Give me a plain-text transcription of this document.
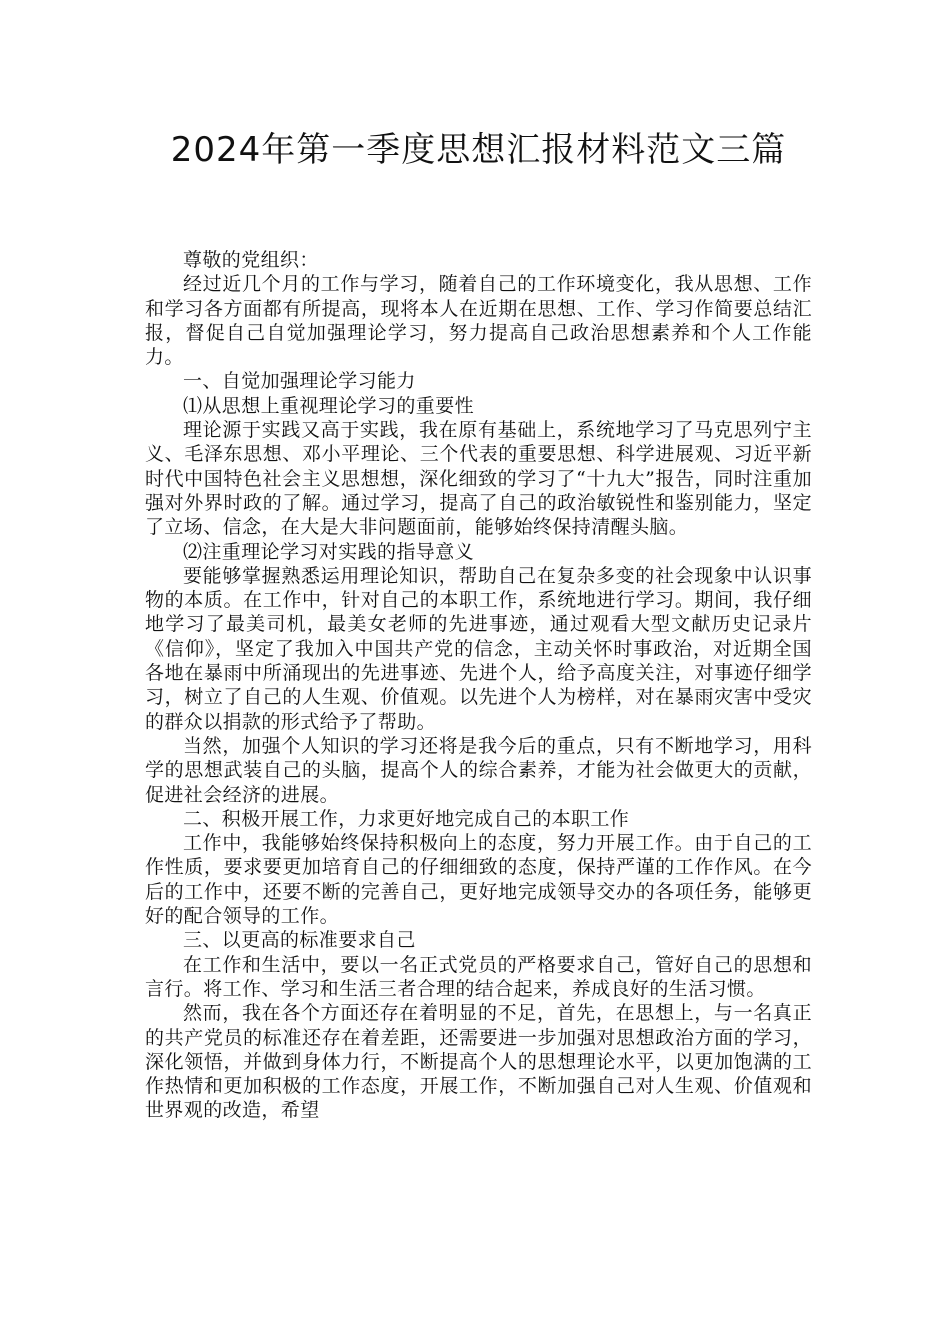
2024年第一季度思想汇报材料范文三篇

尊敬的党组织：

经过近几个月的工作与学习，随着自己的工作环境变化，我从思想、工作和学习各方面都有所提高，现将本人在近期在思想、工作、学习作简要总结汇报，督促自己自觉加强理论学习，努力提高自己政治思想素养和个人工作能力。

一、自觉加强理论学习能力

⑴从思想上重视理论学习的重要性

理论源于实践又高于实践，我在原有基础上，系统地学习了马克思列宁主义、毛泽东思想、邓小平理论、三个代表的重要思想、科学进展观、习近平新时代中国特色社会主义思想想，深化细致的学习了“十九大”报告，同时注重加强对外界时政的了解。通过学习，提高了自己的政治敏锐性和鉴别能力，坚定了立场、信念，在大是大非问题面前，能够始终保持清醒头脑。

⑵注重理论学习对实践的指导意义

要能够掌握熟悉运用理论知识，帮助自己在复杂多变的社会现象中认识事物的本质。在工作中，针对自己的本职工作，系统地进行学习。期间，我仔细地学习了最美司机，最美女老师的先进事迹，通过观看大型文献历史记录片《信仰》，坚定了我加入中国共产党的信念，主动关怀时事政治，对近期全国各地在暴雨中所涌现出的先进事迹、先进个人，给予高度关注，对事迹仔细学习，树立了自己的人生观、价值观。以先进个人为榜样，对在暴雨灾害中受灾的群众以捐款的形式给予了帮助。

当然，加强个人知识的学习还将是我今后的重点，只有不断地学习，用科学的思想武装自己的头脑，提高个人的综合素养，才能为社会做更大的贡献，促进社会经济的进展。

二、积极开展工作，力求更好地完成自己的本职工作

工作中，我能够始终保持积极向上的态度，努力开展工作。由于自己的工作性质，要求要更加培育自己的仔细细致的态度，保持严谨的工作作风。在今后的工作中，还要不断的完善自己，更好地完成领导交办的各项任务，能够更好的配合领导的工作。

三、以更高的标准要求自己

在工作和生活中，要以一名正式党员的严格要求自己，管好自己的思想和言行。将工作、学习和生活三者合理的结合起来，养成良好的生活习惯。

然而，我在各个方面还存在着明显的不足，首先，在思想上，与一名真正的共产党员的标准还存在着差距，还需要进一步加强对思想政治方面的学习，深化领悟，并做到身体力行，不断提高个人的思想理论水平，以更加饱满的工作热情和更加积极的工作态度，开展工作，不断加强自己对人生观、价值观和世界观的改造，希望
